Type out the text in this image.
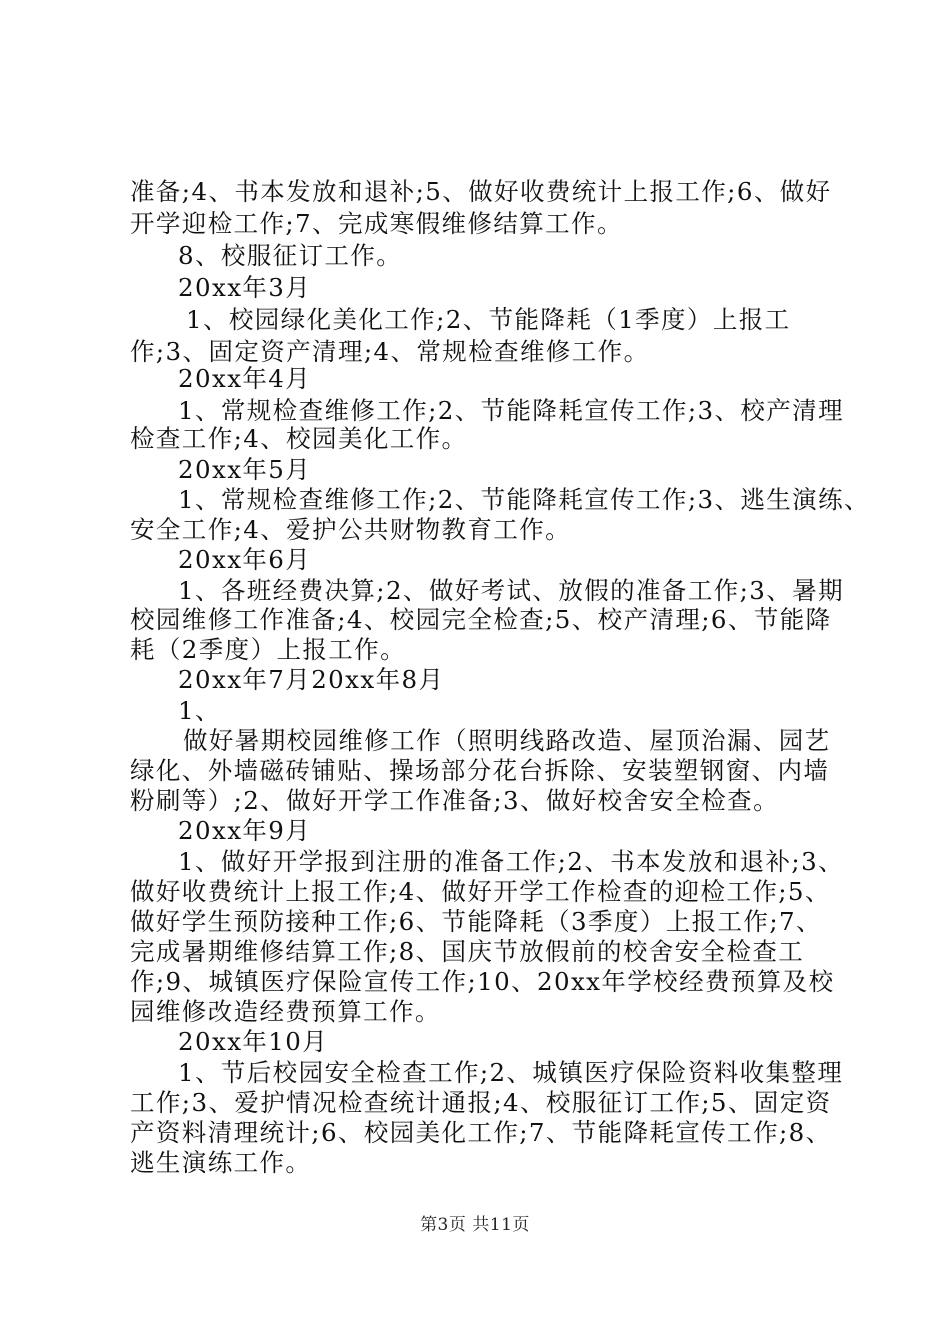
准备;4、书本发放和退补;5、做好收费统计上报工作;6、做好
开学迎检工作;7、完成寒假维修结算工作。
8、校服征订工作。
20xx年3月
1、校园绿化美化工作;2、节能降耗（1季度）上报工
作;3、固定资产清理;4、常规检查维修工作。
20xx年4月
1、常规检查维修工作;2、节能降耗宣传工作;3、校产清理
检查工作;4、校园美化工作。
20xx年5月
1、常规检查维修工作;2、节能降耗宣传工作;3、逃生演练、
安全工作;4、爱护公共财物教育工作。
20xx年6月
1、各班经费决算;2、做好考试、放假的准备工作;3、暑期
校园维修工作准备;4、校园完全检查;5、校产清理;6、节能降
耗（2季度）上报工作。
20xx年7月20xx年8月
1、
做好暑期校园维修工作（照明线路改造、屋顶治漏、园艺
绿化、外墙磁砖铺贴、操场部分花台拆除、安装塑钢窗、内墙
粉刷等）;2、做好开学工作准备;3、做好校舍安全检查。
20xx年9月
1、做好开学报到注册的准备工作;2、书本发放和退补;3、
做好收费统计上报工作;4、做好开学工作检查的迎检工作;5、
做好学生预防接种工作;6、节能降耗（3季度）上报工作;7、
完成暑期维修结算工作;8、国庆节放假前的校舍安全检查工
作;9、城镇医疗保险宣传工作;10、20xx年学校经费预算及校
园维修改造经费预算工作。
20xx年10月
1、节后校园安全检查工作;2、城镇医疗保险资料收集整理
工作;3、爱护情况检查统计通报;4、校服征订工作;5、固定资
产资料清理统计;6、校园美化工作;7、节能降耗宣传工作;8、
逃生演练工作。
第3页 共11页
